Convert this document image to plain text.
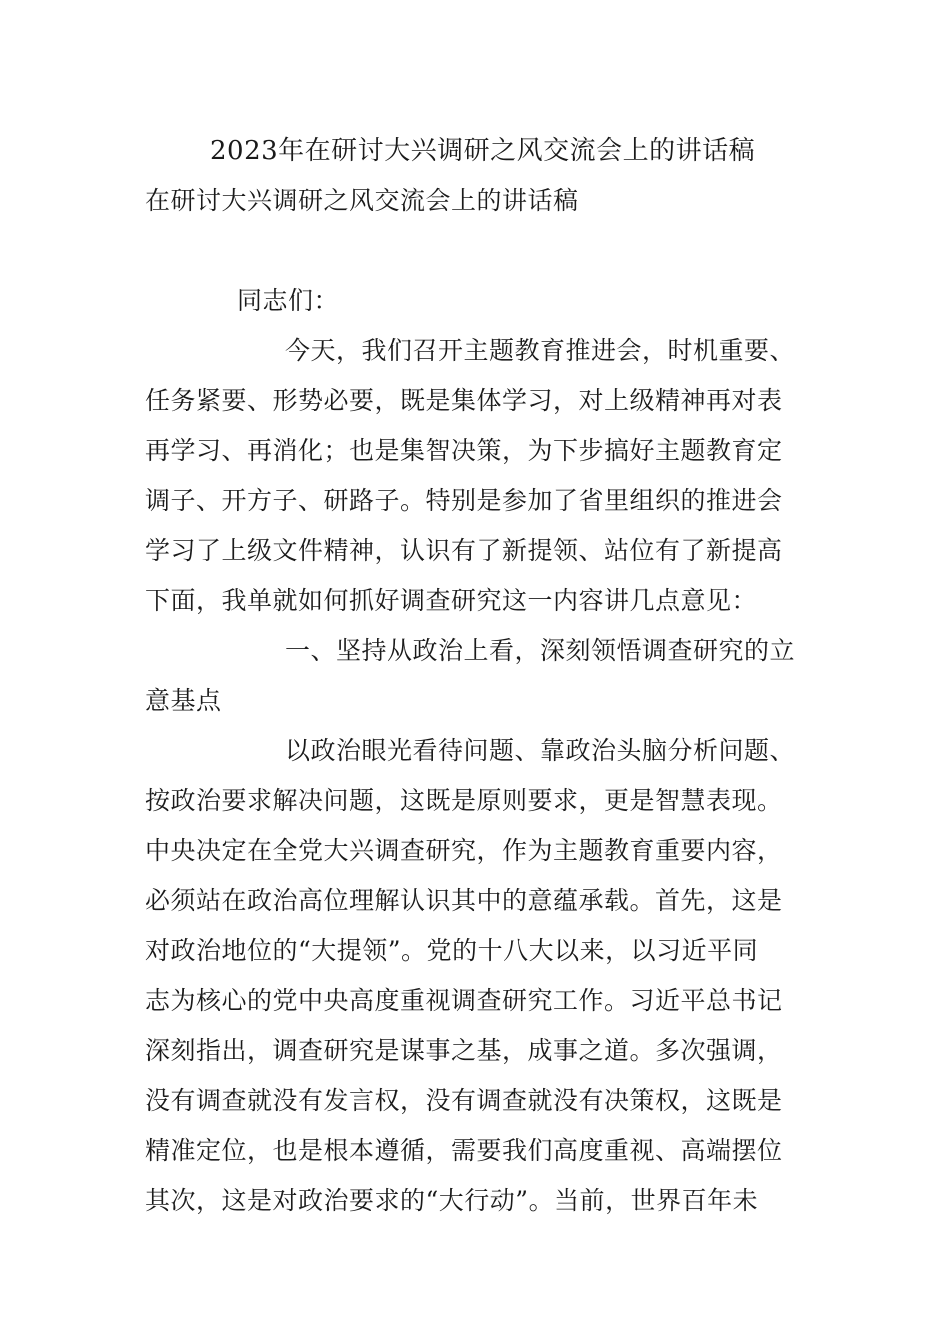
2023年在研讨大兴调研之风交流会上的讲话稿
在研讨大兴调研之风交流会上的讲话稿
同志们：
今天，我们召开主题教育推进会，时机重要、
任务紧要、形势必要，既是集体学习，对上级精神再对表
再学习、再消化；也是集智决策，为下步搞好主题教育定
调子、开方子、研路子。特别是参加了省里组织的推进会
学习了上级文件精神，认识有了新提领、站位有了新提高
下面，我单就如何抓好调查研究这一内容讲几点意见：
一、坚持从政治上看，深刻领悟调查研究的立
意基点
以政治眼光看待问题、靠政治头脑分析问题、
按政治要求解决问题，这既是原则要求，更是智慧表现。
中央决定在全党大兴调查研究，作为主题教育重要内容，
必须站在政治高位理解认识其中的意蕴承载。首先，这是
对政治地位的“大提领”。党的十八大以来，以习近平同
志为核心的党中央高度重视调查研究工作。习近平总书记
深刻指出，调查研究是谋事之基，成事之道。多次强调，
没有调查就没有发言权，没有调查就没有决策权，这既是
精准定位，也是根本遵循，需要我们高度重视、高端摆位
其次，这是对政治要求的“大行动”。当前，世界百年未
